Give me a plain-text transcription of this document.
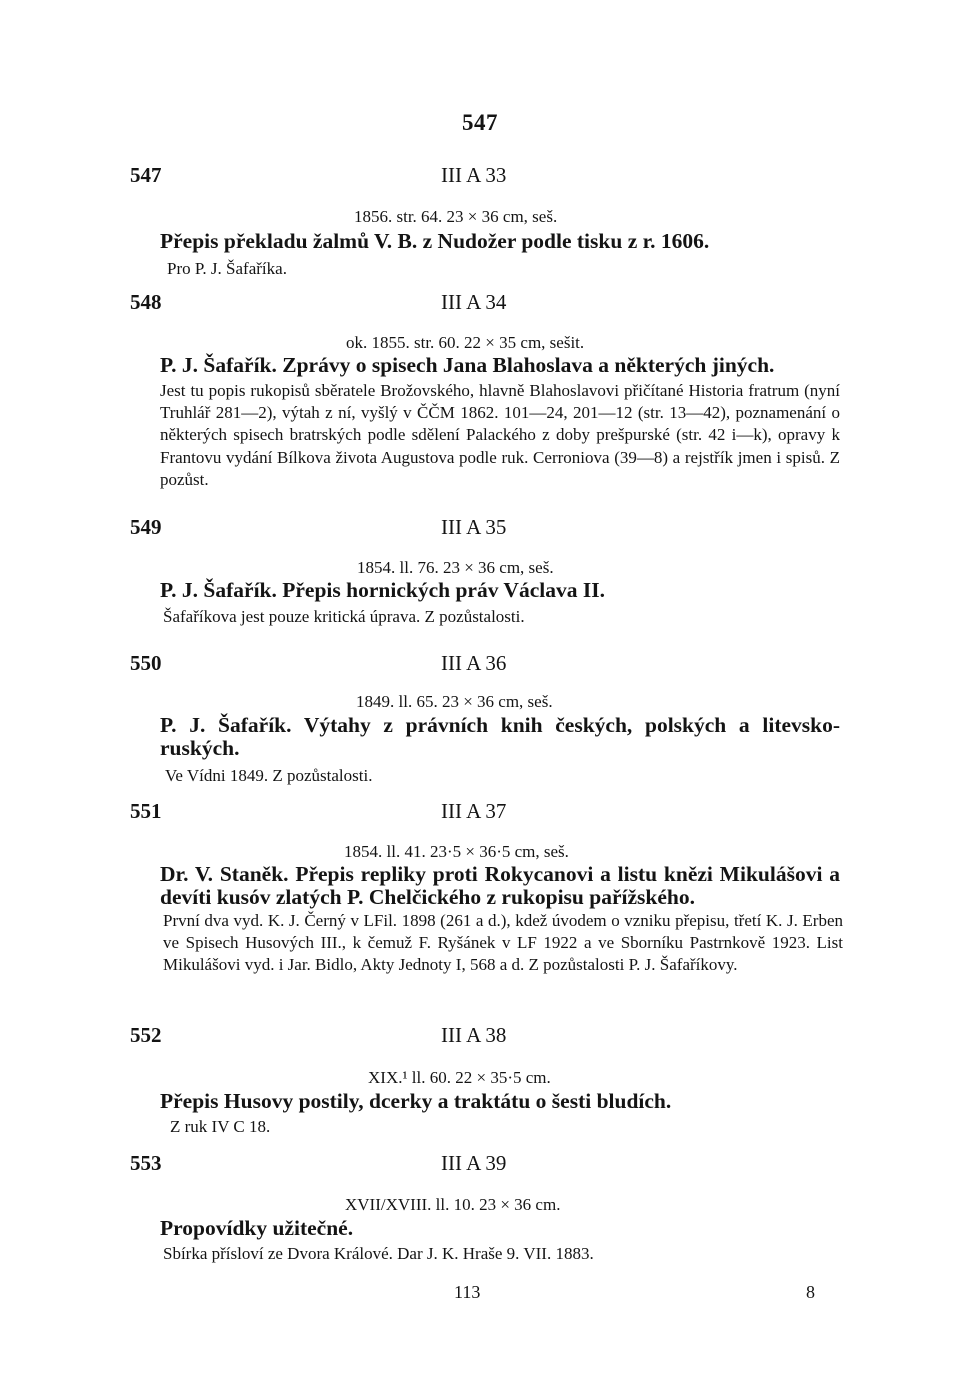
547
547	III A 33
1856. str. 64. 23 × 36 cm, seš.
Přepis překladu žalmů V. B. z Nudožer podle tisku z r. 1606.
Pro P. J. Šafaříka.
548	III A 34
ok. 1855. str. 60. 22 × 35 cm, sešit.
P. J. Šafařík. Zprávy o spisech Jana Blahoslava a některých jiných.
Jest tu popis rukopisů sběratele Brožovského, hlavně Blahoslavovi přičítané Historia fratrum (nyní Truhlář 281—2), výtah z ní, vyšlý v ČČM 1862. 101—24, 201—12 (str. 13—42), poznamenání o některých spisech bratrských podle sdělení Palackého z doby prešpurské (str. 42 i—k), opravy k Frantovu vydání Bílkova života Augustova podle ruk. Cerroniova (39—8) a rejstřík jmen i spisů. Z pozůst.
549	III A 35
1854. ll. 76. 23 × 36 cm, seš.
P. J. Šafařík. Přepis hornických práv Václava II.
Šafaříkova jest pouze kritická úprava. Z pozůstalosti.
550	III A 36
1849. ll. 65. 23 × 36 cm, seš.
P. J. Šafařík. Výtahy z právních knih českých, polských a litevsko-ruských.
Ve Vídni 1849. Z pozůstalosti.
551	III A 37
1854. ll. 41. 23·5 × 36·5 cm, seš.
Dr. V. Staněk. Přepis repliky proti Rokycanovi a listu knězi Mikulášovi a devíti kusóv zlatých P. Chelčického z rukopisu pařížského.
První dva vyd. K. J. Černý v LFil. 1898 (261 a d.), kdež úvodem o vzniku přepisu, třetí K. J. Erben ve Spisech Husových III., k čemuž F. Ryšánek v LF 1922 a ve Sborníku Pastrnkově 1923. List Mikulášovi vyd. i Jar. Bidlo, Akty Jednoty I, 568 a d. Z pozůstalosti P. J. Šafaříkovy.
552	III A 38
XIX.¹ ll. 60. 22 × 35·5 cm.
Přepis Husovy postily, dcerky a traktátu o šesti bludích.
Z ruk IV C 18.
553	III A 39
XVII/XVIII. ll. 10. 23 × 36 cm.
Propovídky užitečné.
Sbírka přísloví ze Dvora Králové. Dar J. K. Hraše 9. VII. 1883.
113	8
